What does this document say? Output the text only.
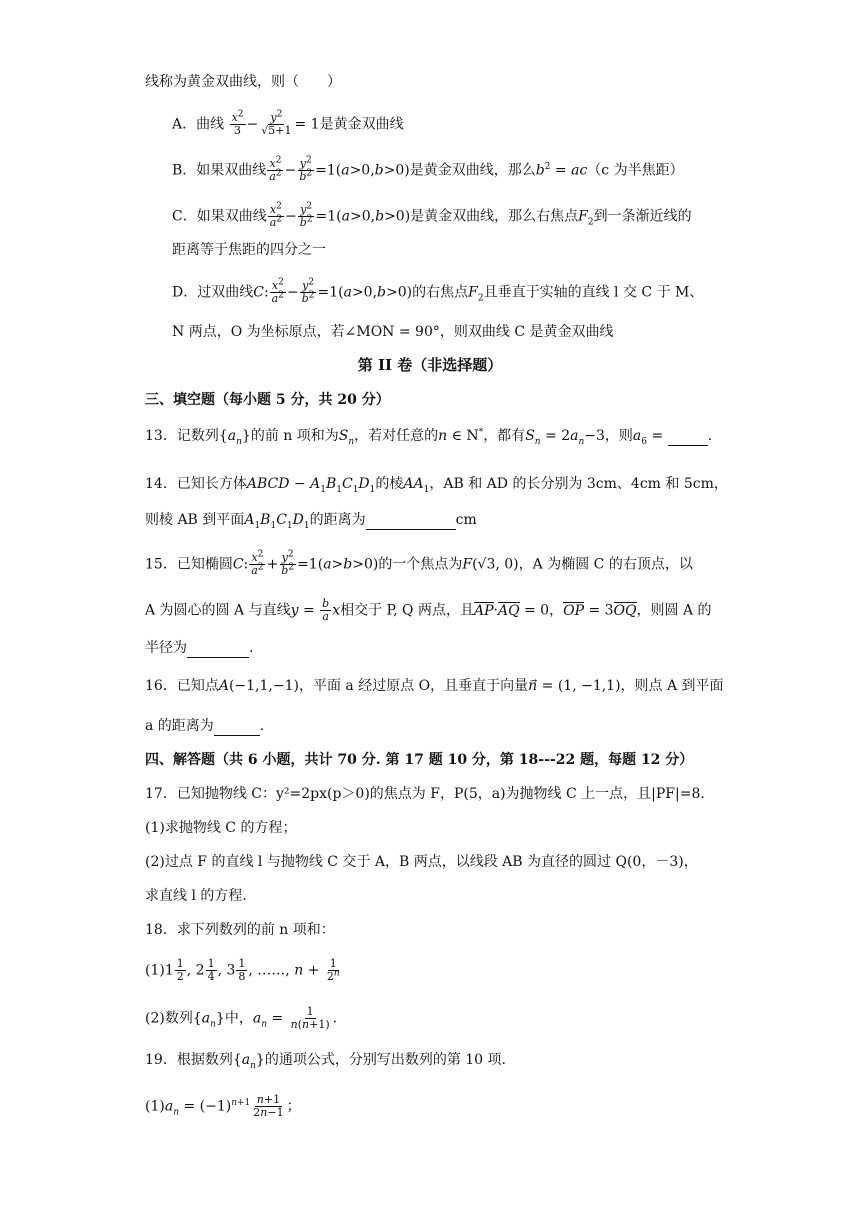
线称为黄金双曲线，则（　　）
A．曲线 $\frac{x^2}{3} - \frac{y^2}{√5+1} = 1$是黄金双曲线
B．如果双曲线 $\frac{x^2}{a^2} - \frac{y^2}{b^2} =1(a>0,b>0)$是黄金双曲线，那么$b^2 = ac(c$ 为半焦距）
C．如果双曲线 $\frac{x^2}{a^2} - \frac{y^2}{b^2} =1(a>0,b>0)$是黄金双曲线，那么右焦点$F_2$到一条渐近线的
距离等于焦距的四分之一
D．过双曲线C: $\frac{x^2}{a^2} - \frac{y^2}{b^2} =1(a>0,b>0)$的右焦点$F_2$且垂直于实轴的直线 l 交 C 于 M、
N 两点，O 为坐标原点，若∠MON = 90°，则双曲线 C 是黄金双曲线
第 II 卷（非选择题）
三、填空题（每小题 5 分，共 20 分）
13．记数列$\{a_n\}$的前 n 项和为$S_n$，若对任意的n ∈ N*，都有$S_n = 2a_n-3$，则$a_6$ =	.
14．已知长方体ABCD − $A_1B_1C_1D_1$的棱$AA_1$，AB 和 AD 的长分别为 3cm、4cm 和 5cm，
则棱 AB 到平面$A_1B_1C_1D_1$的距离为	cm
15．已知椭圆C: $\frac{x^2}{a^2} + \frac{y^2}{b^2} =1(a>b>0)$的一个焦点为F(√3, 0)，A 为椭圆 C 的右顶点，以
A 为圆心的圆 A 与直线$y = \frac{b}{a}$ x相交于 P, Q 两点，且AP·AQ = 0，OP = 3OQ，则圆 A 的
半径为	.
16．已知点A(−1,1,−1)，平面 a 经过原点 O，且垂直于向量n⃗ = (1, −1,1)，则点 A 到平面
a 的距离为	.
四、解答题（共 6 小题，共计 70 分. 第 17 题 10 分，第 18---22 题，每题 12 分）
17．已知抛物线 C：y²=2px(p＞0)的焦点为 F，P(5，a)为抛物线 C 上一点，且|PF|=8.
(1)求抛物线 C 的方程；
(2)过点 F 的直线 l 与抛物线 C 交于 A，B 两点，以线段 AB 为直径的圆过 Q(0，－3)，
求直线 l 的方程.
18．求下列数列的前 n 项和：
$(1)1 \frac{1}{2}$ , $2 \frac{1}{4}$ , $3 \frac{1}{8}$ , ……, $n + \frac{1}{2^n}$
(2)数列$\{a_n\}$中，$a_n = \frac{1}{n(n+1)}$ .
19．根据数列$\{a_n\}$的通项公式，分别写出数列的第 10 项.
$(1)a_n = (-1)^{n+1} \frac{n+1}{2n-1}$ ；
